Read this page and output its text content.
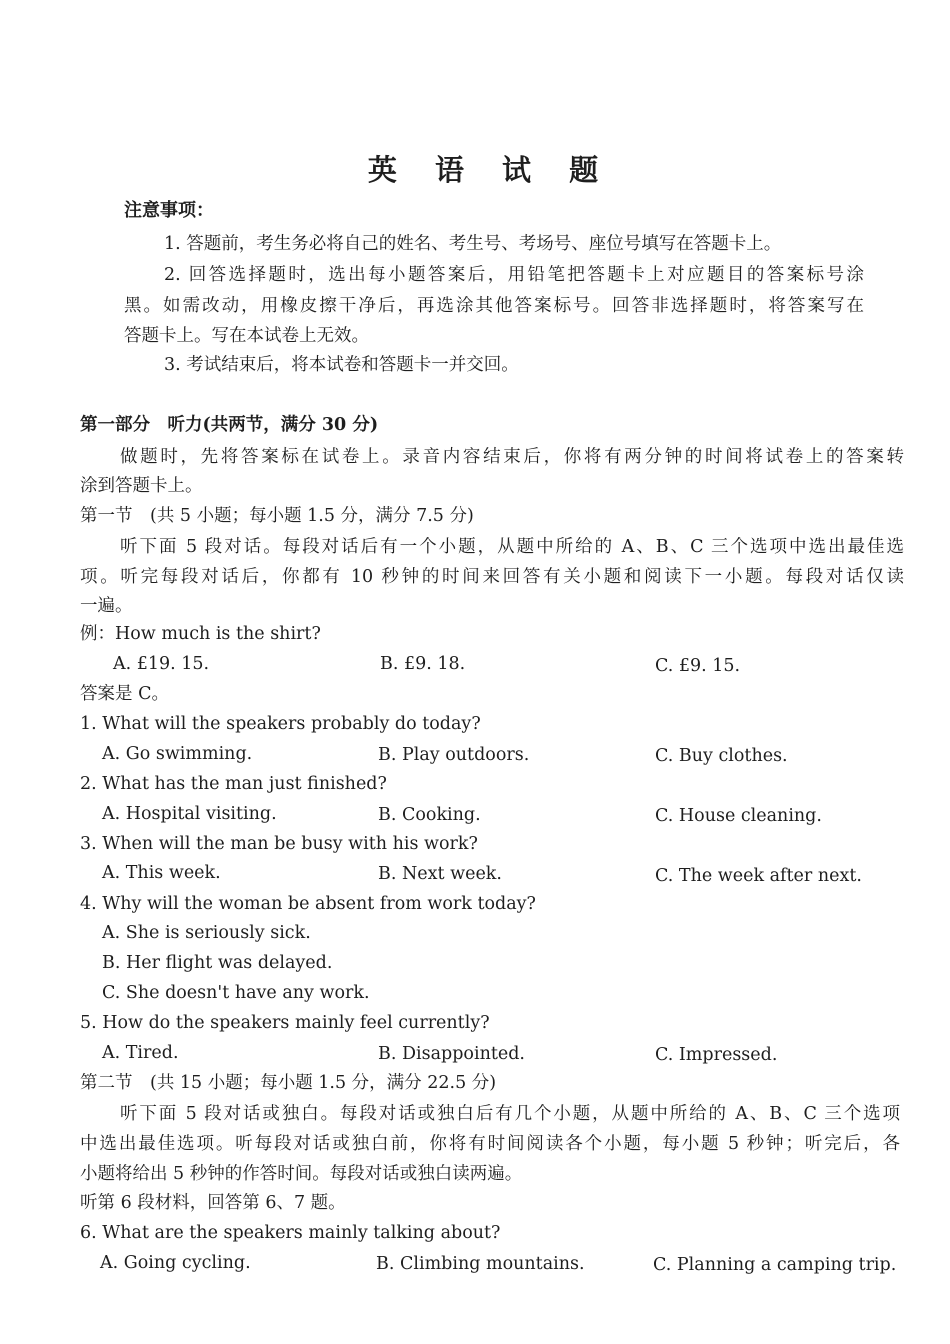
英 语 试 题
注意事项：
1. 答题前，考生务必将自己的姓名、考生号、考场号、座位号填写在答题卡上。
2. 回答选择题时，选出每小题答案后，用铅笔把答题卡上对应题目的答案标号涂
黑。如需改动，用橡皮擦干净后，再选涂其他答案标号。回答非选择题时，将答案写在
答题卡上。写在本试卷上无效。
3. 考试结束后，将本试卷和答题卡一并交回。
第一部分　听力(共两节，满分 30 分)
做题时，先将答案标在试卷上。录音内容结束后，你将有两分钟的时间将试卷上的答案转
涂到答题卡上。
第一节　(共 5 小题；每小题 1.5 分，满分 7.5 分)
听下面 5 段对话。每段对话后有一个小题，从题中所给的 A、B、C 三个选项中选出最佳选
项。听完每段对话后，你都有 10 秒钟的时间来回答有关小题和阅读下一小题。每段对话仅读
一遍。
例：How much is the shirt?
A. £19. 15.	B. £9. 18.	C. £9. 15.
答案是 C。
1. What will the speakers probably do today?
A. Go swimming.	B. Play outdoors.	C. Buy clothes.
2. What has the man just finished?
A. Hospital visiting.	B. Cooking.	C. House cleaning.
3. When will the man be busy with his work?
A. This week.	B. Next week.	C. The week after next.
4. Why will the woman be absent from work today?
A. She is seriously sick.
B. Her flight was delayed.
C. She doesn't have any work.
5. How do the speakers mainly feel currently?
A. Tired.	B. Disappointed.	C. Impressed.
第二节　(共 15 小题；每小题 1.5 分，满分 22.5 分)
听下面 5 段对话或独白。每段对话或独白后有几个小题，从题中所给的 A、B、C 三个选项
中选出最佳选项。听每段对话或独白前，你将有时间阅读各个小题，每小题 5 秒钟；听完后，各
小题将给出 5 秒钟的作答时间。每段对话或独白读两遍。
听第 6 段材料，回答第 6、7 题。
6. What are the speakers mainly talking about?
A. Going cycling.	B. Climbing mountains.	C. Planning a camping trip.
